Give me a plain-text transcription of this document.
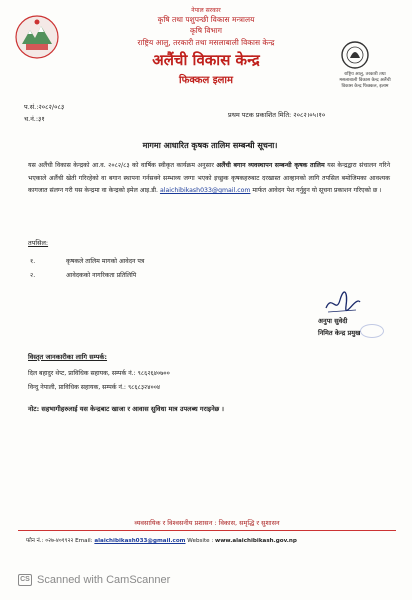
नेपाल सरकार
कृषि तथा पशुपन्छी विकास मन्त्रालय
कृषि विभाग
राष्ट्रिय आलु, तरकारी तथा मसलाबाली विकास केन्द्र
अलैंची विकास केन्द्र
फिक्कल इलाम
राष्ट्रिय आलु, तरकारी तथा मसलाबाली विकास केन्द्र अलैंची विकास केन्द्र फिक्कल, इलाम
प.सं.:२०८२/०८३
च.नं.:३१	प्रथम पटक प्रकाशित मिति: २०८२।०५।१०
मागमा आधारित कृषक तालिम सम्बन्धी सूचना।
यस अलैंची विकास केन्द्रको आ.व. २०८२/८३ को वार्षिक स्वीकृत कार्यक्रम अनुसार अलैंची बगान व्यवस्थापन सम्बन्धी कृषक तालिम यस केन्द्रद्वारा संचालन गरिने भएकाले अलैंची खेती गरिरहेको वा बगान स्थापना गर्नसक्ने सम्भाव्य जग्गा भएको इच्छुक कृषकहरुबाट दरखास्त आव्हानको लागि तपसिल बमोजिमका आवश्यक कागजात संलग्न गरी यस केन्द्रमा वा केन्द्रको इमेल आइ.डी. alaichibikash033@gmail.com मार्फत आवेदन पेश गर्नुहुन यो सूचना प्रकाशन गरिएको छ ।
तपसिल:
१.	कृषकले तालिम मागको आवेदन पत्र
२.	आवेदकको नागरिकता प्रतिलिपि
अनुपा सुवेदी
निमित केन्द्र प्रमुख
विस्तृत जानकारीका लागि सम्पर्क:
दिल बहादुर थेप्ट, प्राविधिक सहायक, सम्पर्क नं.: ९८६२६४०७००
विन्दु नेपाली, प्राविधिक सहायक, सम्पर्क नं.: ९८६८३२४००४
नोट: सहभागीहरुलाई यस केन्द्रबाट खाजा र आवास सुविधा मात्र उपलब्ध गराइनेछ ।
व्यवसायिक र विश्वसनीय प्रशासन : विकास, समृद्धि र सुशासन
फोन नं.: ०२७-४०१९२२ Email: alaichibikash033@gmail.com Website : www.alaichibikash.gov.np
CS Scanned with CamScanner
